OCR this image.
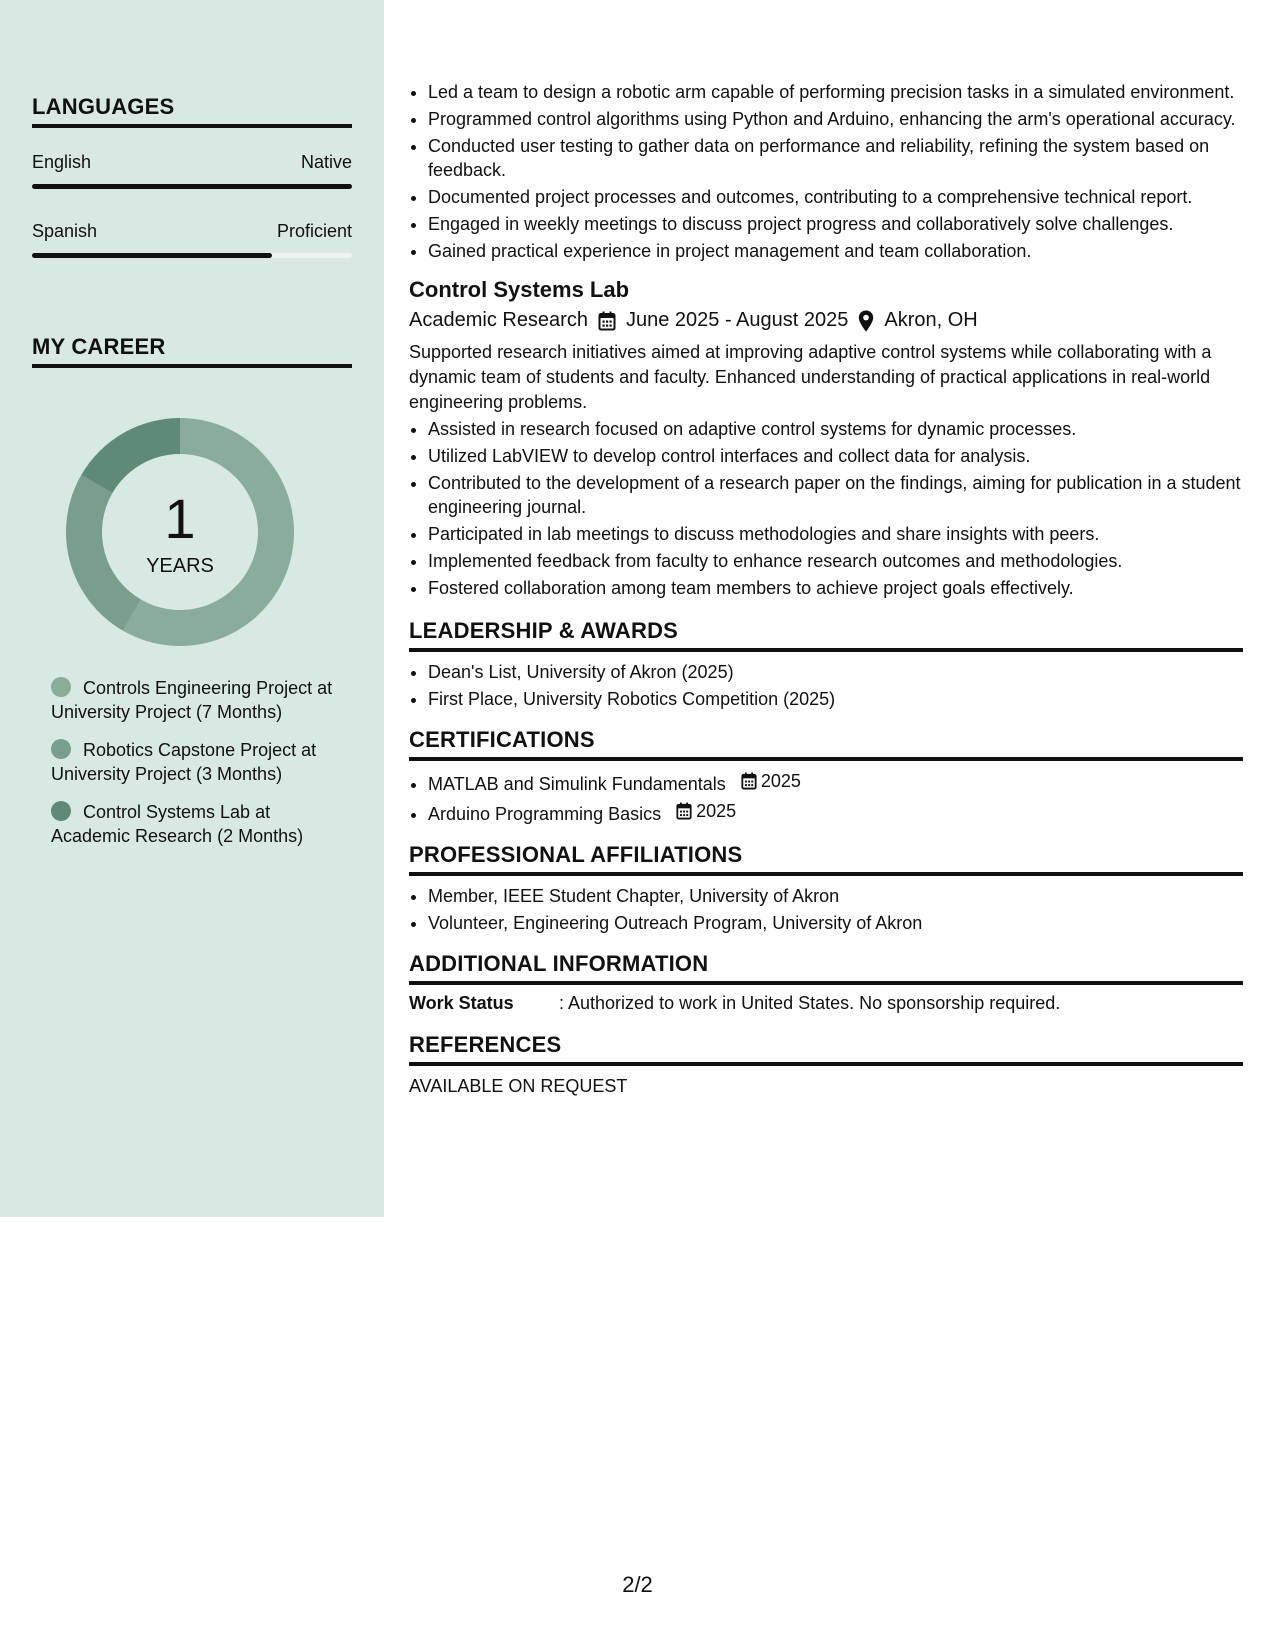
LANGUAGES
English	Native
Spanish	Proficient
MY CAREER
1
YEARS
Controls Engineering Project at University Project (7 Months)
Robotics Capstone Project at University Project (3 Months)
Control Systems Lab at Academic Research (2 Months)
• Led a team to design a robotic arm capable of performing precision tasks in a simulated environment.
• Programmed control algorithms using Python and Arduino, enhancing the arm's operational accuracy.
• Conducted user testing to gather data on performance and reliability, refining the system based on feedback.
• Documented project processes and outcomes, contributing to a comprehensive technical report.
• Engaged in weekly meetings to discuss project progress and collaboratively solve challenges.
• Gained practical experience in project management and team collaboration.
Control Systems Lab
Academic Research June 2025 - August 2025 Akron, OH
Supported research initiatives aimed at improving adaptive control systems while collaborating with a dynamic team of students and faculty. Enhanced understanding of practical applications in real-world engineering problems.
• Assisted in research focused on adaptive control systems for dynamic processes.
• Utilized LabVIEW to develop control interfaces and collect data for analysis.
• Contributed to the development of a research paper on the findings, aiming for publication in a student engineering journal.
• Participated in lab meetings to discuss methodologies and share insights with peers.
• Implemented feedback from faculty to enhance research outcomes and methodologies.
• Fostered collaboration among team members to achieve project goals effectively.
LEADERSHIP & AWARDS
• Dean's List, University of Akron (2025)
• First Place, University Robotics Competition (2025)
CERTIFICATIONS
• MATLAB and Simulink Fundamentals 2025
• Arduino Programming Basics 2025
PROFESSIONAL AFFILIATIONS
• Member, IEEE Student Chapter, University of Akron
• Volunteer, Engineering Outreach Program, University of Akron
ADDITIONAL INFORMATION
Work Status	: Authorized to work in United States. No sponsorship required.
REFERENCES
AVAILABLE ON REQUEST
2/2
